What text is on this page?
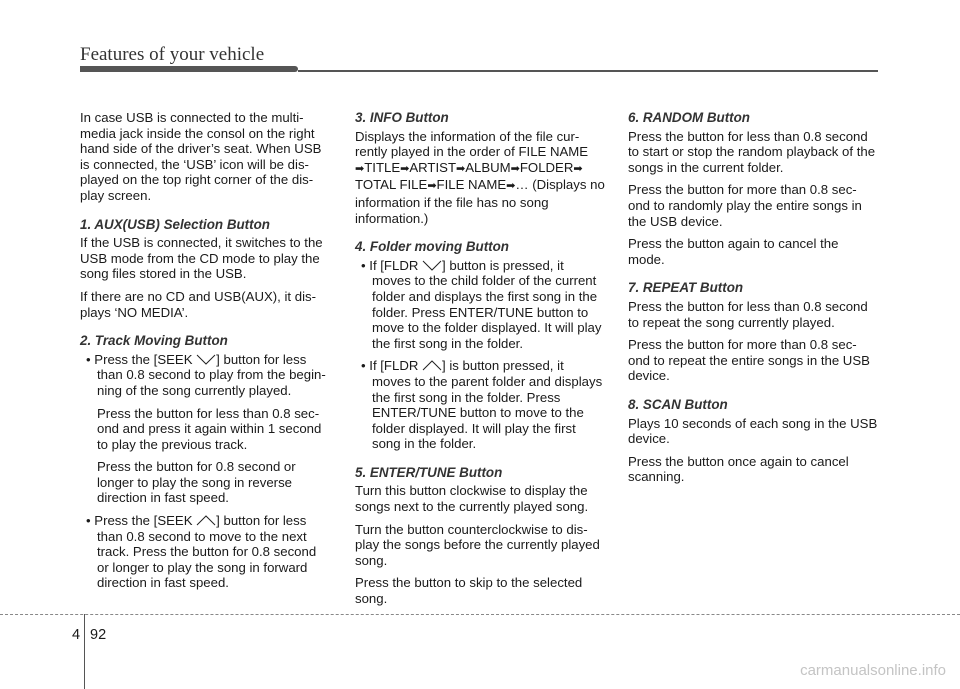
Features of your vehicle

In case USB is connected to the multi-media jack inside the consol on the right hand side of the driver’s seat. When USB is connected, the ‘USB’ icon will be dis-played on the top right corner of the dis-play screen.

1. AUX(USB) Selection Button

If the USB is connected, it switches to the USB mode from the CD mode to play the song files stored in the USB.

If there are no CD and USB(AUX), it dis-plays ‘NO MEDIA’.

2. Track Moving Button

• Press the [SEEK
] button for less than 0.8 second to play from the begin-ning of the song currently played.

Press the button for less than 0.8 sec-ond and press it again within 1 second to play the previous track.

Press the button for 0.8 second or longer to play the song in reverse direction in fast speed.

• Press the [SEEK
] button for less than 0.8 second to move to the next track. Press the button for 0.8 second or longer to play the song in forward direction in fast speed.

3. INFO Button

Displays the information of the file cur-rently played in the order of FILE NAME ➡TITLE➡ARTIST➡ALBUM➡FOLDER➡ TOTAL FILE➡FILE NAME➡… (Displays no information if the file has no song information.)

4. Folder moving Button

• If [FLDR
] button is pressed, it moves to the child folder of the current folder and displays the first song in the folder. Press ENTER/TUNE button to move to the folder displayed. It will play the first song in the folder.

• If [FLDR
] is button pressed, it moves to the parent folder and displays the first song in the folder. Press ENTER/TUNE button to move to the folder displayed. It will play the first song in the folder.

5. ENTER/TUNE Button

Turn this button clockwise to display the songs next to the currently played song.

Turn the button counterclockwise to dis-play the songs before the currently played song.

Press the button to skip to the selected song.

6. RANDOM Button

Press the button for less than 0.8 second to start or stop the random playback of the songs in the current folder.

Press the button for more than 0.8 sec-ond to randomly play the entire songs in the USB device.

Press the button again to cancel the mode.

7. REPEAT Button

Press the button for less than 0.8 second to repeat the song currently played.

Press the button for more than 0.8 sec-ond to repeat the entire songs in the USB device.

8. SCAN Button

Plays 10 seconds of each song in the USB device.

Press the button once again to cancel scanning.

4 92
carmanualsonline.info
